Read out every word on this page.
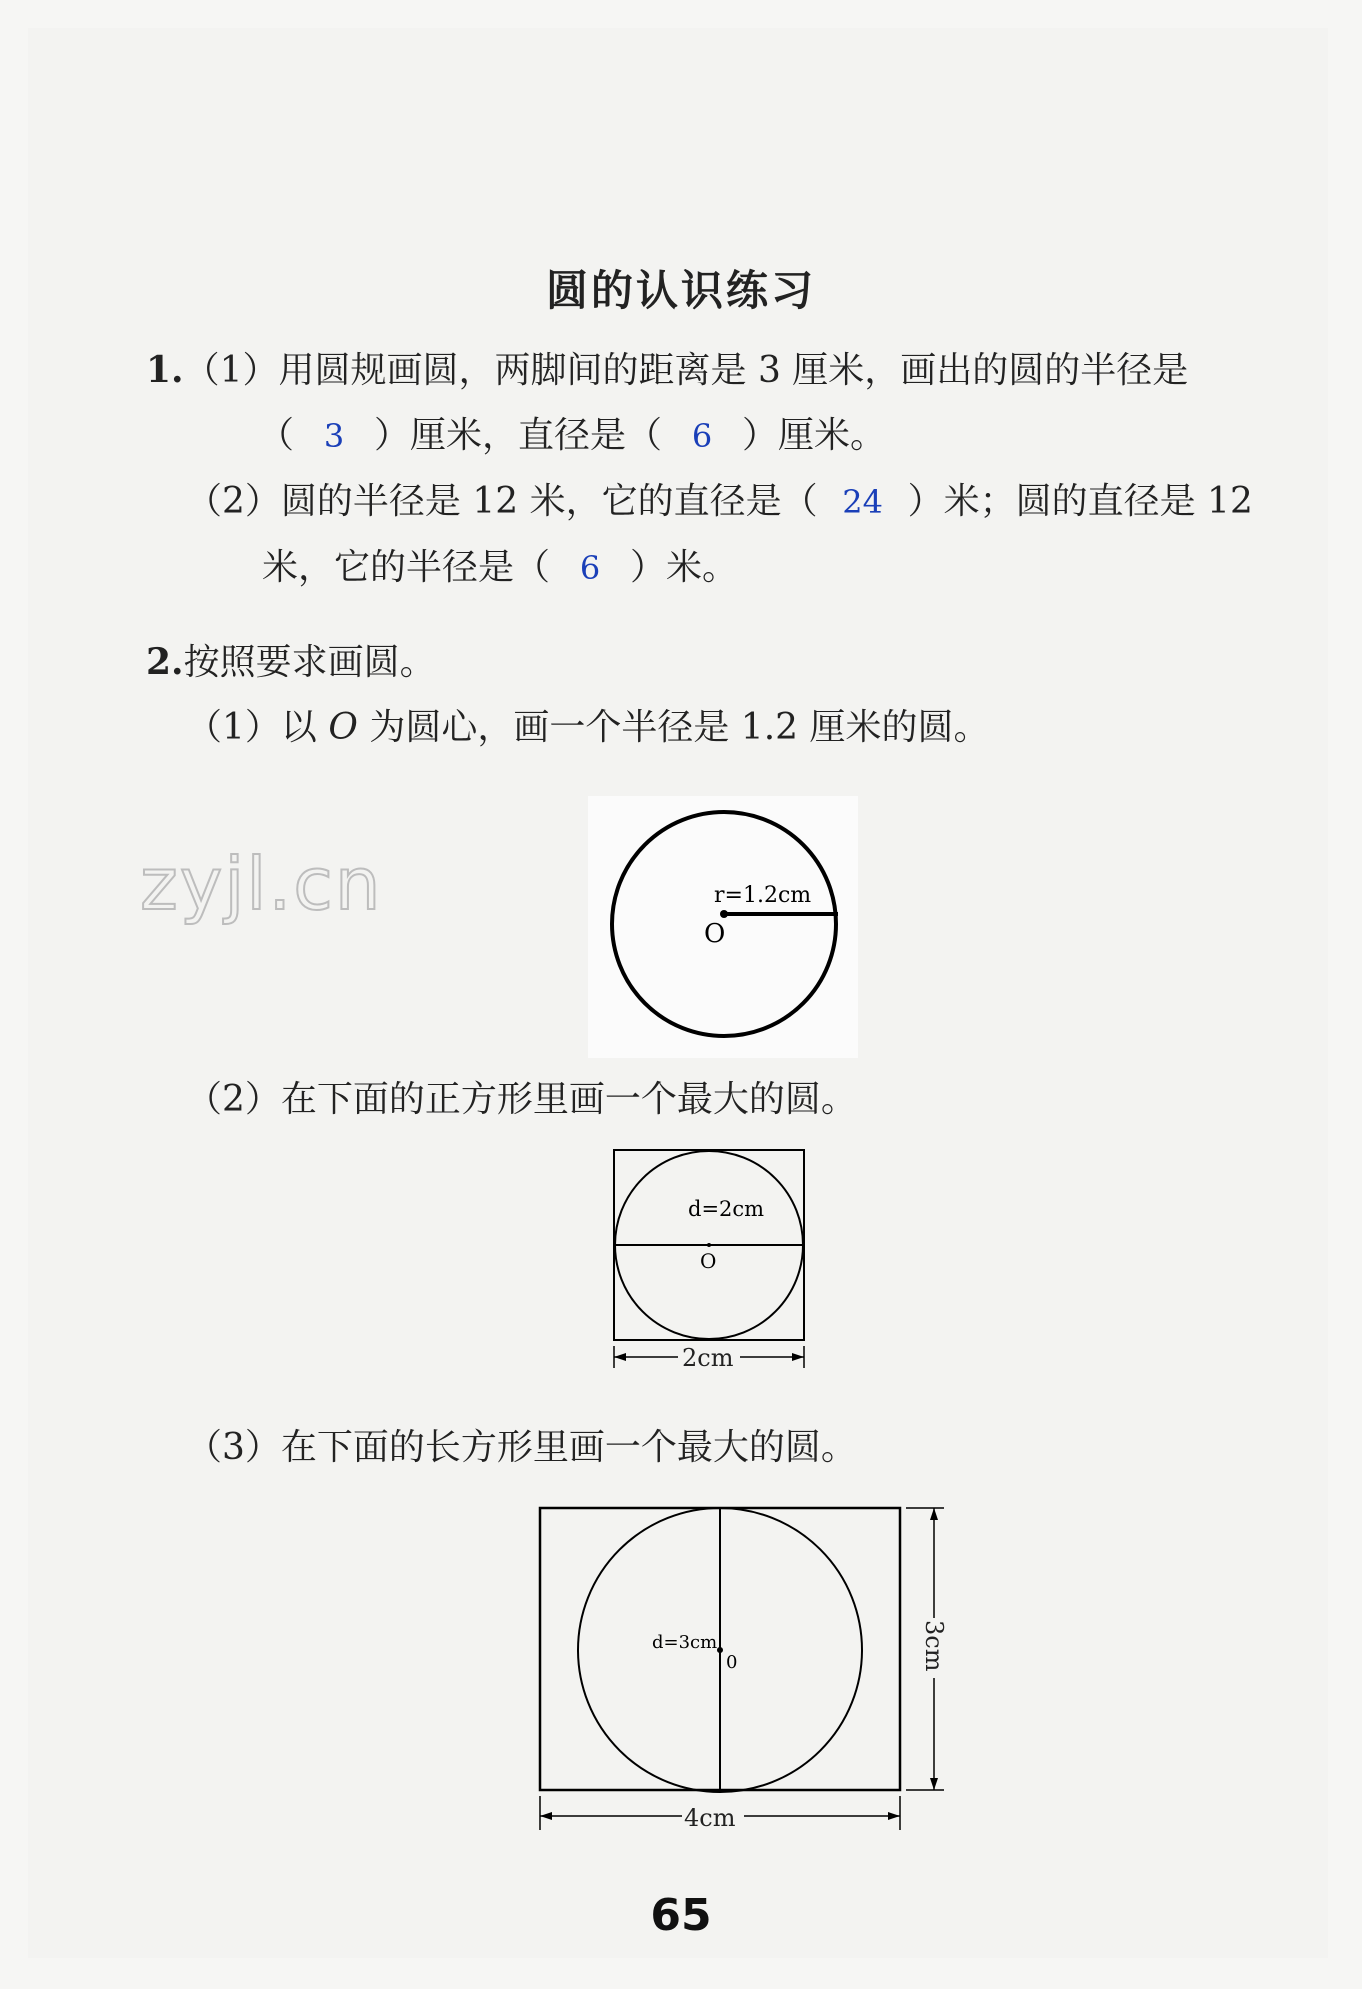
圆的认识练习
1.（1）用圆规画圆，两脚间的距离是 3 厘米，画出的圆的半径是
（ 3 ）厘米，直径是（ 6 ）厘米。
（2）圆的半径是 12 米，它的直径是（ 24 ）米；圆的直径是 12
米，它的半径是（ 6 ）米。
2.按照要求画圆。
（1）以 O 为圆心，画一个半径是 1.2 厘米的圆。
zyjl.cn	r=1.2cm
O
（2）在下面的正方形里画一个最大的圆。
d=2cm
O
2cm
（3）在下面的长方形里画一个最大的圆。
d=3cm
0
4cm
3cm
65
